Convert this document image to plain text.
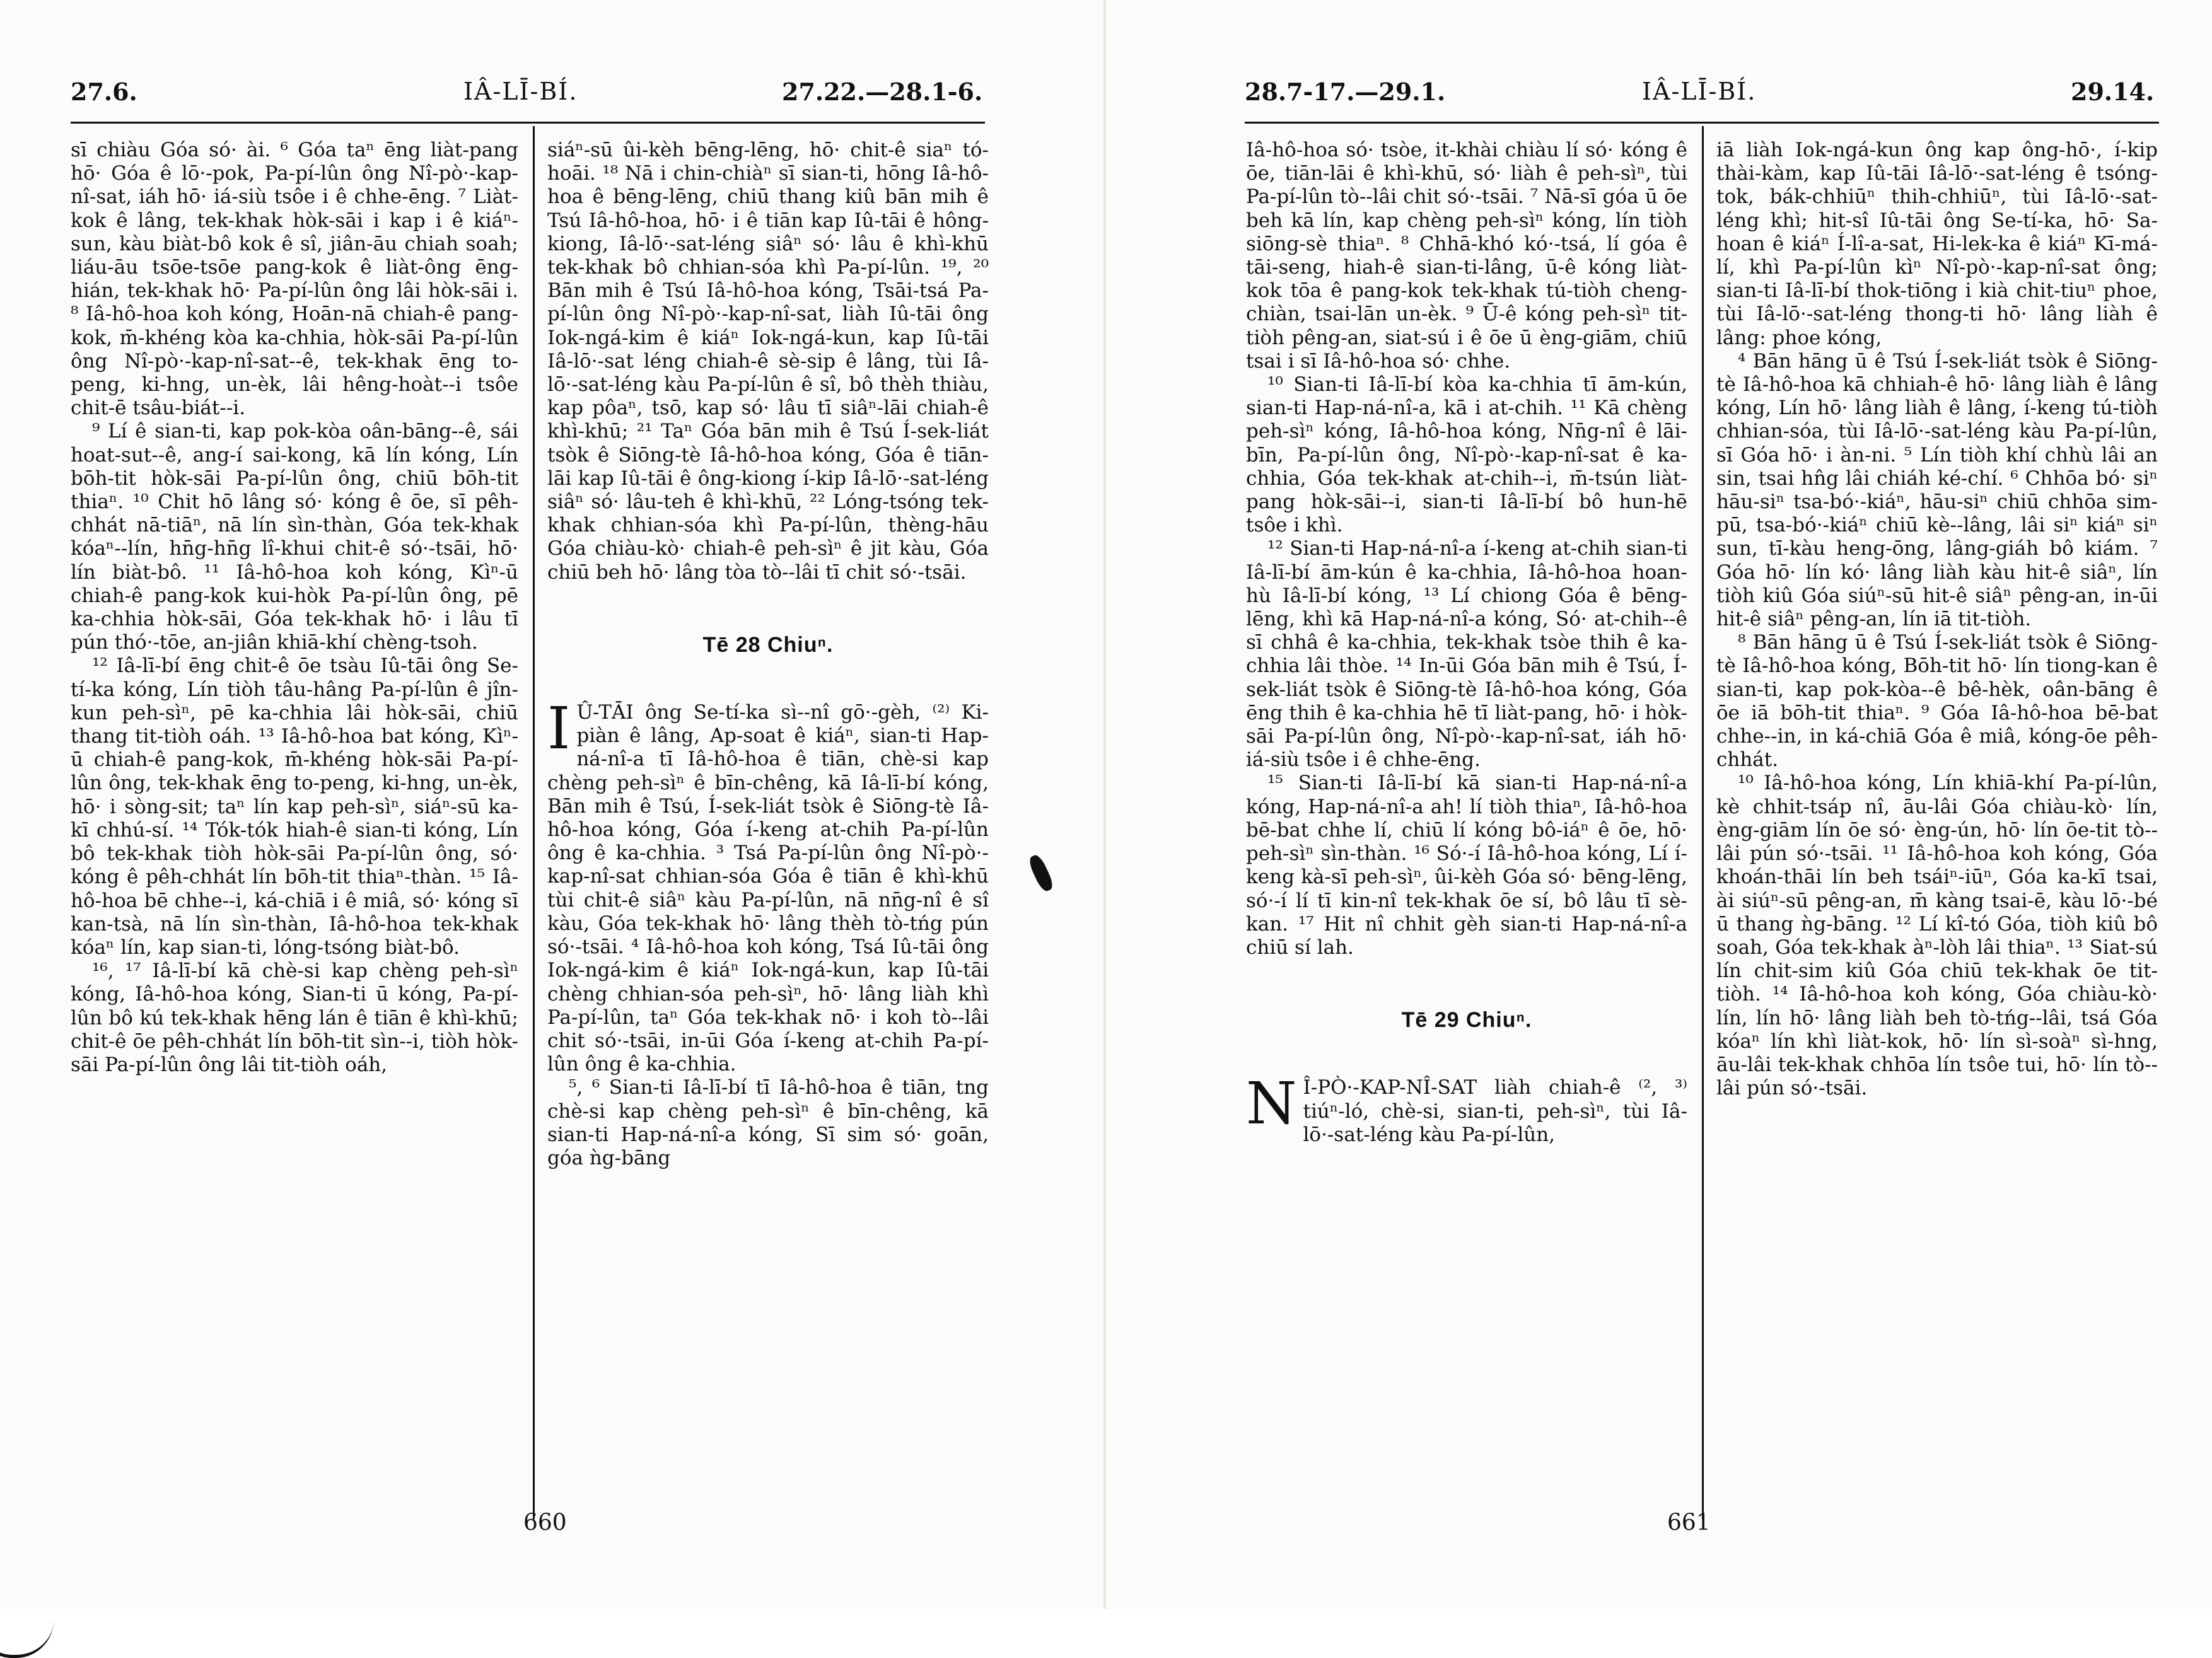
27.6.	IÂ-LĪ-BÍ.	27.22.—28.1-6.

sī chiàu Góa só· ài. ⁶ Góa taⁿ ēng liàt-pang hō· Góa ê lō·-pok, Pa-pí-lûn ông Nî-pò·-kap-nî-sat, iáh hō· iá-siù tsôe i ê chhe-ēng. ⁷ Liàt-kok ê lâng, tek-khak hòk-sāi i kap i ê kiáⁿ-sun, kàu biàt-bô kok ê sî, jiân-āu chiah soah; liáu-āu tsōe-tsōe pang-kok ê liàt-ông ēng-hián, tek-khak hō· Pa-pí-lûn ông lâi hòk-sāi i. ⁸ Iâ-hô-hoa koh kóng, Hoān-nā chiah-ê pang-kok, m̄-khéng kòa ka-chhia, hòk-sāi Pa-pí-lûn ông Nî-pò·-kap-nî-sat--ê, tek-khak ēng to-peng, ki-hng, un-èk, lâi hêng-hoàt--i tsôe chit-ē tsâu-biát--i.

⁹ Lí ê sian-ti, kap pok-kòa oân-bāng--ê, sái hoat-sut--ê, ang-í sai-kong, kā lín kóng, Lín bōh-tit hòk-sāi Pa-pí-lûn ông, chiū bōh-tit thiaⁿ. ¹⁰ Chit hō lâng só· kóng ê ōe, sī pêh-chhát nā-tiāⁿ, nā lín sìn-thàn, Góa tek-khak kóaⁿ--lín, hn̄g-hn̄g lî-khui chit-ê só·-tsāi, hō· lín biàt-bô. ¹¹ Iâ-hô-hoa koh kóng, Kìⁿ-ū chiah-ê pang-kok kui-hòk Pa-pí-lûn ông, pē ka-chhia hòk-sāi, Góa tek-khak hō· i lâu tī pún thó·-tōe, an-jiân khiā-khí chèng-tsoh.

¹² Iâ-lī-bí ēng chit-ê ōe tsàu Iû-tāi ông Se-tí-ka kóng, Lín tiòh tâu-hâng Pa-pí-lûn ê jîn-kun peh-sìⁿ, pē ka-chhia lâi hòk-sāi, chiū thang tit-tiòh oáh. ¹³ Iâ-hô-hoa bat kóng, Kìⁿ-ū chiah-ê pang-kok, m̄-khéng hòk-sāi Pa-pí-lûn ông, tek-khak ēng to-peng, ki-hng, un-èk, hō· i sòng-sit; taⁿ lín kap peh-sìⁿ, siáⁿ-sū ka-kī chhú-sí. ¹⁴ Tók-tók hiah-ê sian-ti kóng, Lín bô tek-khak tiòh hòk-sāi Pa-pí-lûn ông, só· kóng ê pêh-chhát lín bōh-tit thiaⁿ-thàn. ¹⁵ Iâ-hô-hoa bē chhe--i, ká-chiā i ê miâ, só· kóng sī kan-tsà, nā lín sìn-thàn, Iâ-hô-hoa tek-khak kóaⁿ lín, kap sian-ti, lóng-tsóng biàt-bô.

¹⁶, ¹⁷ Iâ-lī-bí kā chè-si kap chèng peh-sìⁿ kóng, Iâ-hô-hoa kóng, Sian-ti ū kóng, Pa-pí-lûn bô kú tek-khak hēng lán ê tiān ê khì-khū; chit-ê ōe pêh-chhát lín bōh-tit sìn--i, tiòh hòk-sāi Pa-pí-lûn ông lâi tit-tiòh oáh,

siáⁿ-sū ûi-kèh bēng-lēng, hō· chit-ê siaⁿ tó-hoāi. ¹⁸ Nā i chin-chiàⁿ sī sian-ti, hōng Iâ-hô-hoa ê bēng-lēng, chiū thang kiû bān mih ê Tsú Iâ-hô-hoa, hō· i ê tiān kap Iû-tāi ê hông-kiong, Iâ-lō·-sat-léng siâⁿ só· lâu ê khì-khū tek-khak bô chhian-sóa khì Pa-pí-lûn. ¹⁹, ²⁰ Bān mih ê Tsú Iâ-hô-hoa kóng, Tsāi-tsá Pa-pí-lûn ông Nî-pò·-kap-nî-sat, liàh Iû-tāi ông Iok-ngá-kim ê kiáⁿ Iok-ngá-kun, kap Iû-tāi Iâ-lō·-sat léng chiah-ê sè-sip ê lâng, tùi Iâ-lō·-sat-léng kàu Pa-pí-lûn ê sî, bô thèh thiàu, kap pôaⁿ, tsō, kap só· lâu tī siâⁿ-lāi chiah-ê khì-khū; ²¹ Taⁿ Góa bān mih ê Tsú Í-sek-liát tsòk ê Siōng-tè Iâ-hô-hoa kóng, Góa ê tiān-lāi kap Iû-tāi ê ông-kiong í-kip Iâ-lō·-sat-léng siâⁿ só· lâu-teh ê khì-khū, ²² Lóng-tsóng tek-khak chhian-sóa khì Pa-pí-lûn, thèng-hāu Góa chiàu-kò· chiah-ê peh-sìⁿ ê jit kàu, Góa chiū beh hō· lâng tòa tò--lâi tī chit só·-tsāi.

Tē 28 Chiuⁿ.

I Û-TĀI ông Se-tí-ka sì--nî gō·-gèh, ⁽²⁾ Ki-piàn ê lâng, Ap-soat ê kiáⁿ, sian-ti Hap-ná-nî-a tī Iâ-hô-hoa ê tiān, chè-si kap chèng peh-sìⁿ ê bīn-chêng, kā Iâ-lī-bí kóng, Bān mih ê Tsú, Í-sek-liát tsòk ê Siōng-tè Iâ-hô-hoa kóng, Góa í-keng at-chih Pa-pí-lûn ông ê ka-chhia. ³ Tsá Pa-pí-lûn ông Nî-pò·-kap-nî-sat chhian-sóa Góa ê tiān ê khì-khū tùi chit-ê siâⁿ kàu Pa-pí-lûn, nā nn̄g-nî ê sî kàu, Góa tek-khak hō· lâng thèh tò-tńg pún só·-tsāi. ⁴ Iâ-hô-hoa koh kóng, Tsá Iû-tāi ông Iok-ngá-kim ê kiáⁿ Iok-ngá-kun, kap Iû-tāi chèng chhian-sóa peh-sìⁿ, hō· lâng liàh khì Pa-pí-lûn, taⁿ Góa tek-khak nō· i koh tò--lâi chit só·-tsāi, in-ūi Góa í-keng at-chih Pa-pí-lûn ông ê ka-chhia.

⁵, ⁶ Sian-ti Iâ-lī-bí tī Iâ-hô-hoa ê tiān, tng chè-si kap chèng peh-sìⁿ ê bīn-chêng, kā sian-ti Hap-ná-nî-a kóng, Sī sim só· goān, góa ǹg-bāng

660
28.7-17.—29.1.	IÂ-LĪ-BÍ.	29.14.

Iâ-hô-hoa só· tsòe, it-khài chiàu lí só· kóng ê ōe, tiān-lāi ê khì-khū, só· liàh ê peh-sìⁿ, tùi Pa-pí-lûn tò--lâi chit só·-tsāi. ⁷ Nā-sī góa ū ōe beh kā lín, kap chèng peh-sìⁿ kóng, lín tiòh siōng-sè thiaⁿ. ⁸ Chhā-khó kó·-tsá, lí góa ê tāi-seng, hiah-ê sian-ti-lâng, ū-ê kóng liàt-kok tōa ê pang-kok tek-khak tú-tiòh cheng-chiàn, tsai-lān un-èk. ⁹ Ū-ê kóng peh-sìⁿ tit-tiòh pêng-an, siat-sú i ê ōe ū èng-giām, chiū tsai i sī Iâ-hô-hoa só· chhe.

¹⁰ Sian-ti Iâ-lī-bí kòa ka-chhia tī ām-kún, sian-ti Hap-ná-nî-a, kā i at-chih. ¹¹ Kā chèng peh-sìⁿ kóng, Iâ-hô-hoa kóng, Nn̄g-nî ê lāi-bīn, Pa-pí-lûn ông, Nî-pò·-kap-nî-sat ê ka-chhia, Góa tek-khak at-chih--i, m̄-tsún liàt-pang hòk-sāi--i, sian-ti Iâ-lī-bí bô hun-hē tsôe i khì.

¹² Sian-ti Hap-ná-nî-a í-keng at-chih sian-ti Iâ-lī-bí ām-kún ê ka-chhia, Iâ-hô-hoa hoan-hù Iâ-lī-bí kóng, ¹³ Lí chiong Góa ê bēng-lēng, khì kā Hap-ná-nî-a kóng, Só· at-chih--ê sī chhâ ê ka-chhia, tek-khak tsòe thih ê ka-chhia lâi thòe. ¹⁴ In-ūi Góa bān mih ê Tsú, Í-sek-liát tsòk ê Siōng-tè Iâ-hô-hoa kóng, Góa ēng thih ê ka-chhia hē tī liàt-pang, hō· i hòk-sāi Pa-pí-lûn ông, Nî-pò·-kap-nî-sat, iáh hō· iá-siù tsôe i ê chhe-ēng.

¹⁵ Sian-ti Iâ-lī-bí kā sian-ti Hap-ná-nî-a kóng, Hap-ná-nî-a ah! lí tiòh thiaⁿ, Iâ-hô-hoa bē-bat chhe lí, chiū lí kóng bô-iáⁿ ê ōe, hō· peh-sìⁿ sìn-thàn. ¹⁶ Só·-í Iâ-hô-hoa kóng, Lí í-keng kà-sī peh-sìⁿ, ûi-kèh Góa só· bēng-lēng, só·-í lí tī kin-nî tek-khak ōe sí, bô lâu tī sè-kan. ¹⁷ Hit nî chhit gèh sian-ti Hap-ná-nî-a chiū sí lah.

Tē 29 Chiuⁿ.

N Î-PÒ·-KAP-NÎ-SAT liàh chiah-ê ⁽², ³⁾ tiúⁿ-ló, chè-si, sian-ti, peh-sìⁿ, tùi Iâ-lō·-sat-léng kàu Pa-pí-lûn,

iā liàh Iok-ngá-kun ông kap ông-hō·, í-kip thài-kàm, kap Iû-tāi Iâ-lō·-sat-léng ê tsóng-tok, bák-chhiūⁿ thih-chhiūⁿ, tùi Iâ-lō·-sat-léng khì; hit-sî Iû-tāi ông Se-tí-ka, hō· Sa-hoan ê kiáⁿ Í-lî-a-sat, Hi-lek-ka ê kiáⁿ Kī-má-lí, khì Pa-pí-lûn kìⁿ Nî-pò·-kap-nî-sat ông; sian-ti Iâ-lī-bí thok-tiōng i kià chit-tiuⁿ phoe, tùi Iâ-lō·-sat-léng thong-ti hō· lâng liàh ê lâng: phoe kóng,

⁴ Bān hāng ū ê Tsú Í-sek-liát tsòk ê Siōng-tè Iâ-hô-hoa kā chhiah-ê hō· lâng liàh ê lâng kóng, Lín hō· lâng liàh ê lâng, í-keng tú-tiòh chhian-sóa, tùi Iâ-lō·-sat-léng kàu Pa-pí-lûn, sī Góa hō· i àn-ni. ⁵ Lín tiòh khí chhù lâi an sin, tsai hn̂g lâi chiáh ké-chí. ⁶ Chhōa bó· siⁿ hāu-siⁿ tsa-bó·-kiáⁿ, hāu-siⁿ chiū chhōa sim-pū, tsa-bó·-kiáⁿ chiū kè--lâng, lâi siⁿ kiáⁿ siⁿ sun, tī-kàu heng-ōng, lâng-giáh bô kiám. ⁷ Góa hō· lín kó· lâng liàh kàu hit-ê siâⁿ, lín tiòh kiû Góa siúⁿ-sū hit-ê siâⁿ pêng-an, in-ūi hit-ê siâⁿ pêng-an, lín iā tit-tiòh.

⁸ Bān hāng ū ê Tsú Í-sek-liát tsòk ê Siōng-tè Iâ-hô-hoa kóng, Bōh-tit hō· lín tiong-kan ê sian-ti, kap pok-kòa--ê bê-hèk, oân-bāng ê ōe iā bōh-tit thiaⁿ. ⁹ Góa Iâ-hô-hoa bē-bat chhe--in, in ká-chiā Góa ê miâ, kóng-ōe pêh-chhát.

¹⁰ Iâ-hô-hoa kóng, Lín khiā-khí Pa-pí-lûn, kè chhit-tsáp nî, āu-lâi Góa chiàu-kò· lín, èng-giām lín ōe só· èng-ún, hō· lín ōe-tit tò--lâi pún só·-tsāi. ¹¹ Iâ-hô-hoa koh kóng, Góa khoán-thāi lín beh tsáiⁿ-iūⁿ, Góa ka-kī tsai, ài siúⁿ-sū pêng-an, m̄ kàng tsai-ē, kàu lō·-bé ū thang ǹg-bāng. ¹² Lí kî-tó Góa, tiòh kiû bô soah, Góa tek-khak àⁿ-lòh lâi thiaⁿ. ¹³ Siat-sú lín chit-sim kiû Góa chiū tek-khak ōe tit-tiòh. ¹⁴ Iâ-hô-hoa koh kóng, Góa chiàu-kò· lín, lín hō· lâng liàh beh tò-tńg--lâi, tsá Góa kóaⁿ lín khì liàt-kok, hō· lín sì-soàⁿ sì-hng, āu-lâi tek-khak chhōa lín tsôe tui, hō· lín tò--lâi pún só·-tsāi.

661
